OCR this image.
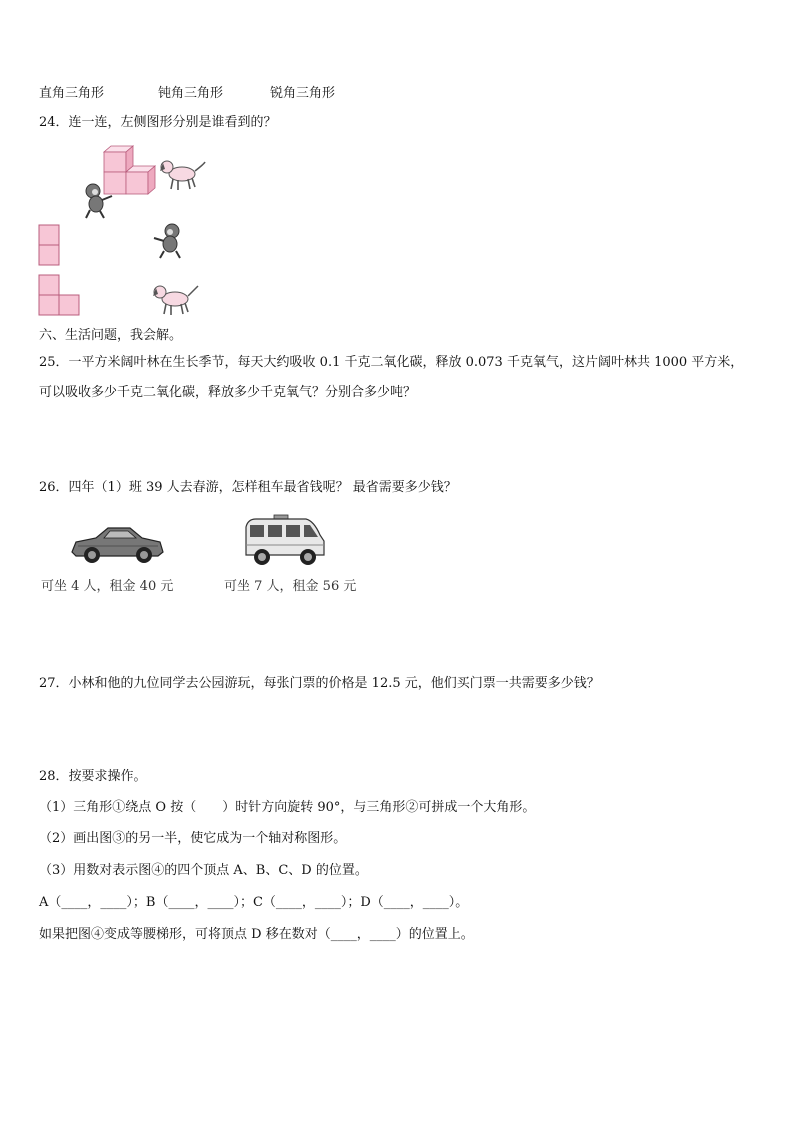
直角三角形	钝角三角形	锐角三角形
24．连一连，左侧图形分别是谁看到的？
六、生活问题，我会解。
25．一平方米阔叶林在生长季节，每天大约吸收 0.1 千克二氧化碳，释放 0.073 千克氧气，这片阔叶林共 1000 平方米，
可以吸收多少千克二氧化碳，释放多少千克氧气？分别合多少吨？
26．四年（1）班 39 人去春游，怎样租车最省钱呢？ 最省需要多少钱？
可坐 4 人，租金 40 元	可坐 7 人，租金 56 元
27．小林和他的九位同学去公园游玩，每张门票的价格是 12.5 元，他们买门票一共需要多少钱？
28．按要求操作。
（1）三角形①绕点 O 按（　　）时针方向旋转 90°，与三角形②可拼成一个大角形。
（2）画出图③的另一半，使它成为一个轴对称图形。
（3）用数对表示图④的四个顶点 A、B、C、D 的位置。
A（____，____）；B（____，____）；C（____，____）；D（____，____）。
如果把图④变成等腰梯形，可将顶点 D 移在数对（____，____）的位置上。
